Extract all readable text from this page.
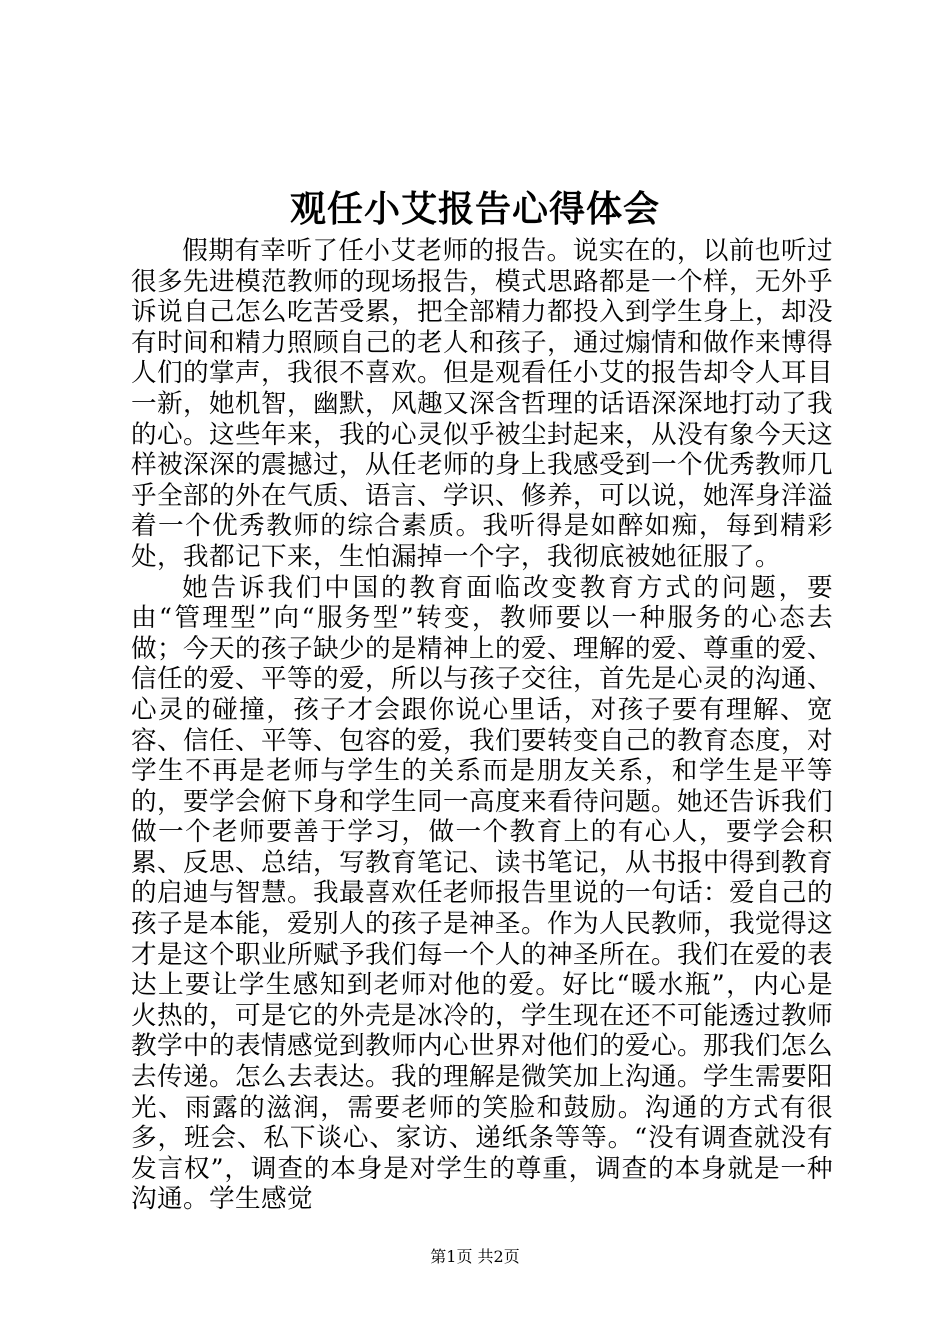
观任小艾报告心得体会

假期有幸听了任小艾老师的报告。说实在的，以前也听过很多先进模范教师的现场报告，模式思路都是一个样，无外乎诉说自己怎么吃苦受累，把全部精力都投入到学生身上，却没有时间和精力照顾自己的老人和孩子，通过煽情和做作来博得人们的掌声，我很不喜欢。但是观看任小艾的报告却令人耳目一新，她机智，幽默，风趣又深含哲理的话语深深地打动了我的心。这些年来，我的心灵似乎被尘封起来，从没有象今天这样被深深的震撼过，从任老师的身上我感受到一个优秀教师几乎全部的外在气质、语言、学识、修养，可以说，她浑身洋溢着一个优秀教师的综合素质。我听得是如醉如痴，每到精彩处，我都记下来，生怕漏掉一个字，我彻底被她征服了。

她告诉我们中国的教育面临改变教育方式的问题，要由“管理型”向“服务型”转变，教师要以一种服务的心态去做；今天的孩子缺少的是精神上的爱、理解的爱、尊重的爱、信任的爱、平等的爱，所以与孩子交往，首先是心灵的沟通、心灵的碰撞，孩子才会跟你说心里话，对孩子要有理解、宽容、信任、平等、包容的爱，我们要转变自己的教育态度，对学生不再是老师与学生的关系而是朋友关系，和学生是平等的，要学会俯下身和学生同一高度来看待问题。她还告诉我们做一个老师要善于学习，做一个教育上的有心人，要学会积累、反思、总结，写教育笔记、读书笔记，从书报中得到教育的启迪与智慧。我最喜欢任老师报告里说的一句话：爱自己的孩子是本能，爱别人的孩子是神圣。作为人民教师，我觉得这才是这个职业所赋予我们每一个人的神圣所在。我们在爱的表达上要让学生感知到老师对他的爱。好比“暖水瓶”，内心是火热的，可是它的外壳是冰冷的，学生现在还不可能透过教师教学中的表情感觉到教师内心世界对他们的爱心。那我们怎么去传递。怎么去表达。我的理解是微笑加上沟通。学生需要阳光、雨露的滋润，需要老师的笑脸和鼓励。沟通的方式有很多，班会、私下谈心、家访、递纸条等等。“没有调查就没有发言权”，调查的本身是对学生的尊重，调查的本身就是一种沟通。学生感觉

第1页 共2页
